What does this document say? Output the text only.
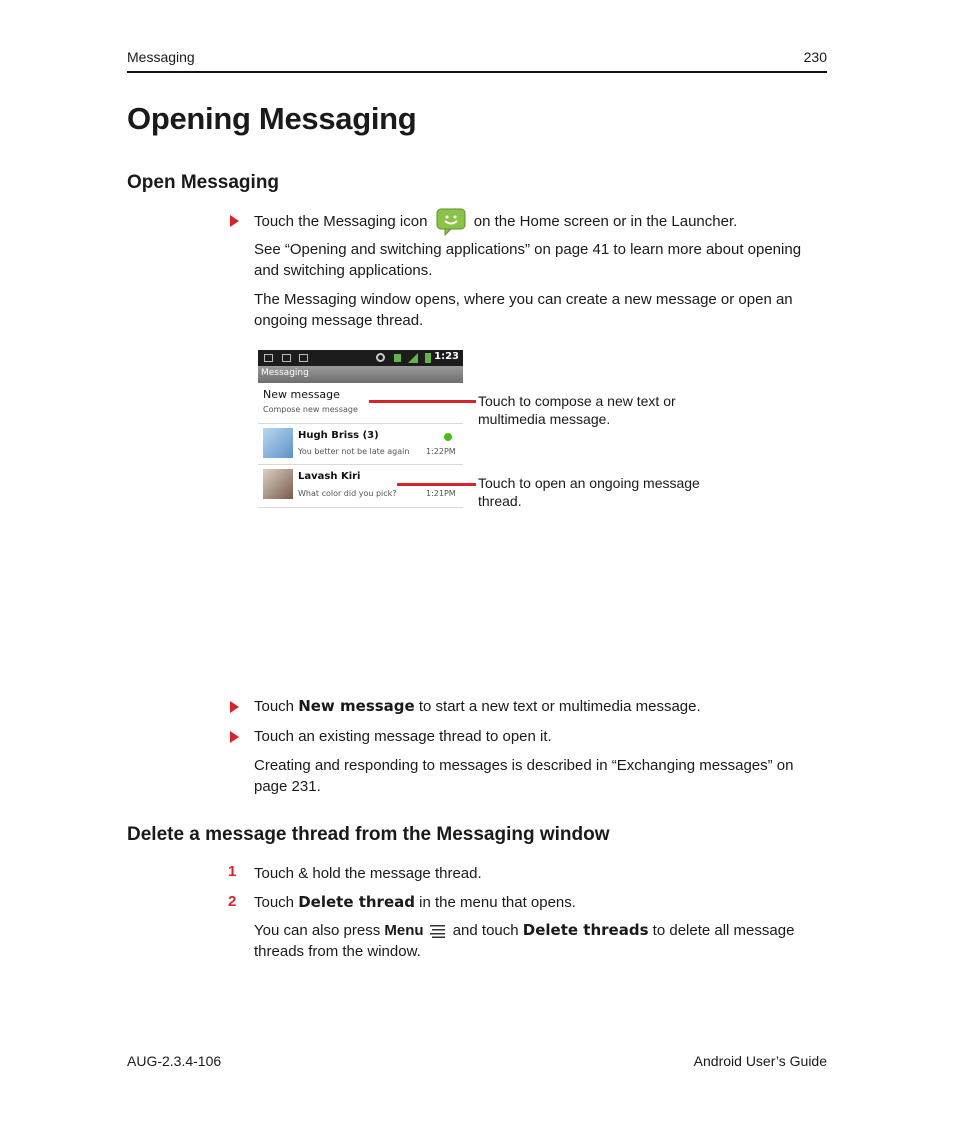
Messaging	230
Opening Messaging
Open Messaging
Touch the Messaging icon	on the Home screen or in the Launcher.
See “Opening and switching applications” on page 41 to learn more about opening and switching applications.
The Messaging window opens, where you can create a new message or open an ongoing message thread.
1:23
Messaging
New message
Compose new message
Hugh Briss (3)
You better not be late again 1:22PM
Lavash Kiri
What color did you pick?	1:21PM
Touch to compose a new text or multimedia message.
Touch to open an ongoing message thread.
Touch New message to start a new text or multimedia message.
Touch an existing message thread to open it.
Creating and responding to messages is described in “Exchanging messages” on page 231.
Delete a message thread from the Messaging window
1 Touch & hold the message thread.
2 Touch Delete thread in the menu that opens.
You can also press Menu and touch Delete threads to delete all message threads from the window.
AUG-2.3.4-106	Android User’s Guide
